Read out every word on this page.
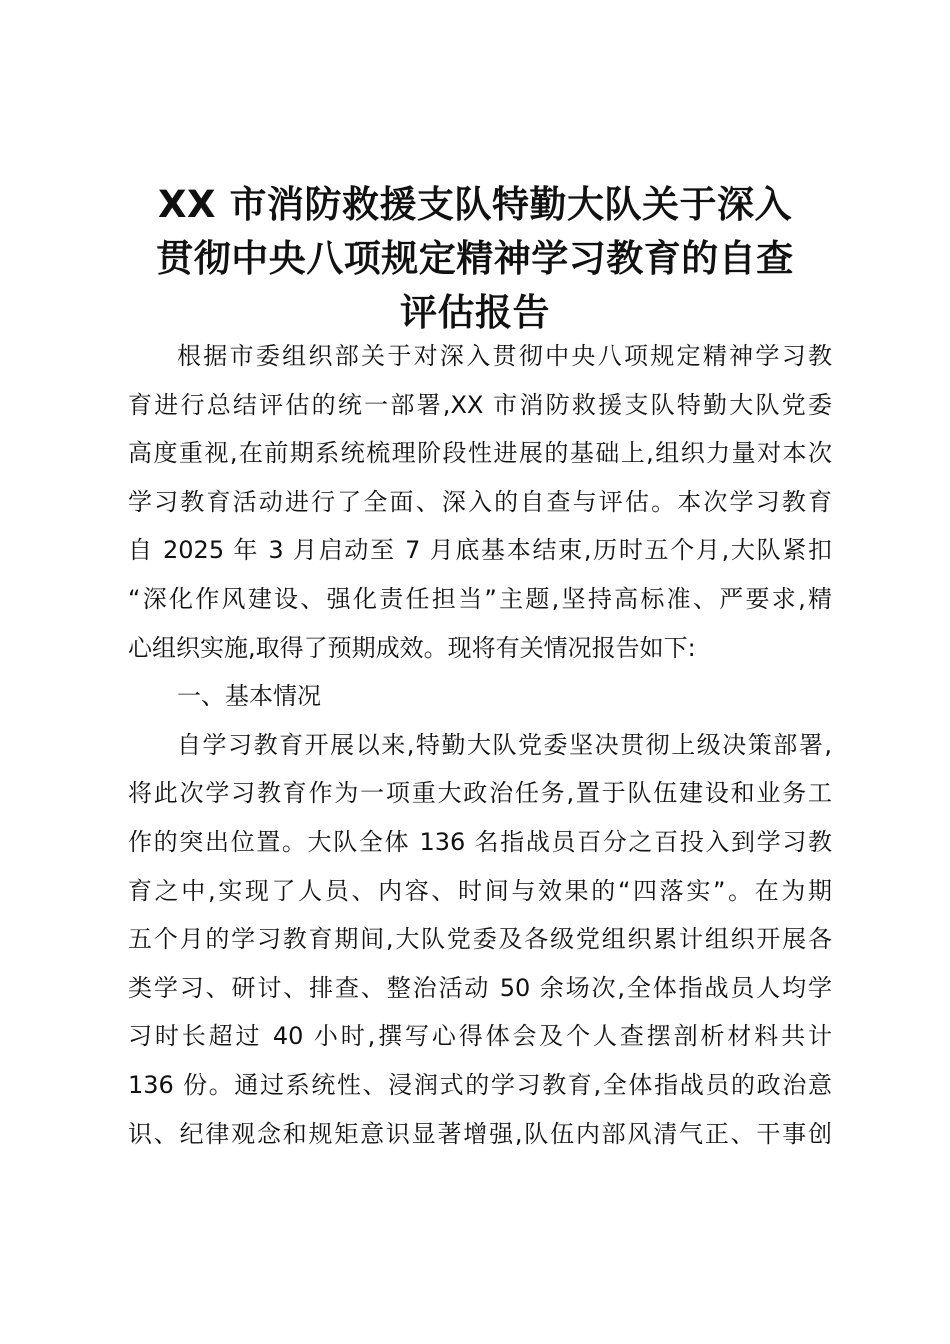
XX 市消防救援支队特勤大队关于深入
贯彻中央八项规定精神学习教育的自查
评估报告
根据市委组织部关于对深入贯彻中央八项规定精神学习教
育进行总结评估的统一部署,XX 市消防救援支队特勤大队党委
高度重视,在前期系统梳理阶段性进展的基础上,组织力量对本次
学习教育活动进行了全面、深入的自查与评估。本次学习教育
自 2025 年 3 月启动至 7 月底基本结束,历时五个月,大队紧扣
“深化作风建设、强化责任担当”主题,坚持高标准、严要求,精
心组织实施,取得了预期成效。现将有关情况报告如下:
一、基本情况
自学习教育开展以来,特勤大队党委坚决贯彻上级决策部署,
将此次学习教育作为一项重大政治任务,置于队伍建设和业务工
作的突出位置。大队全体 136 名指战员百分之百投入到学习教
育之中,实现了人员、内容、时间与效果的“四落实”。在为期
五个月的学习教育期间,大队党委及各级党组织累计组织开展各
类学习、研讨、排查、整治活动 50 余场次,全体指战员人均学
习时长超过 40 小时,撰写心得体会及个人查摆剖析材料共计
136 份。通过系统性、浸润式的学习教育,全体指战员的政治意
识、纪律观念和规矩意识显著增强,队伍内部风清气正、干事创
